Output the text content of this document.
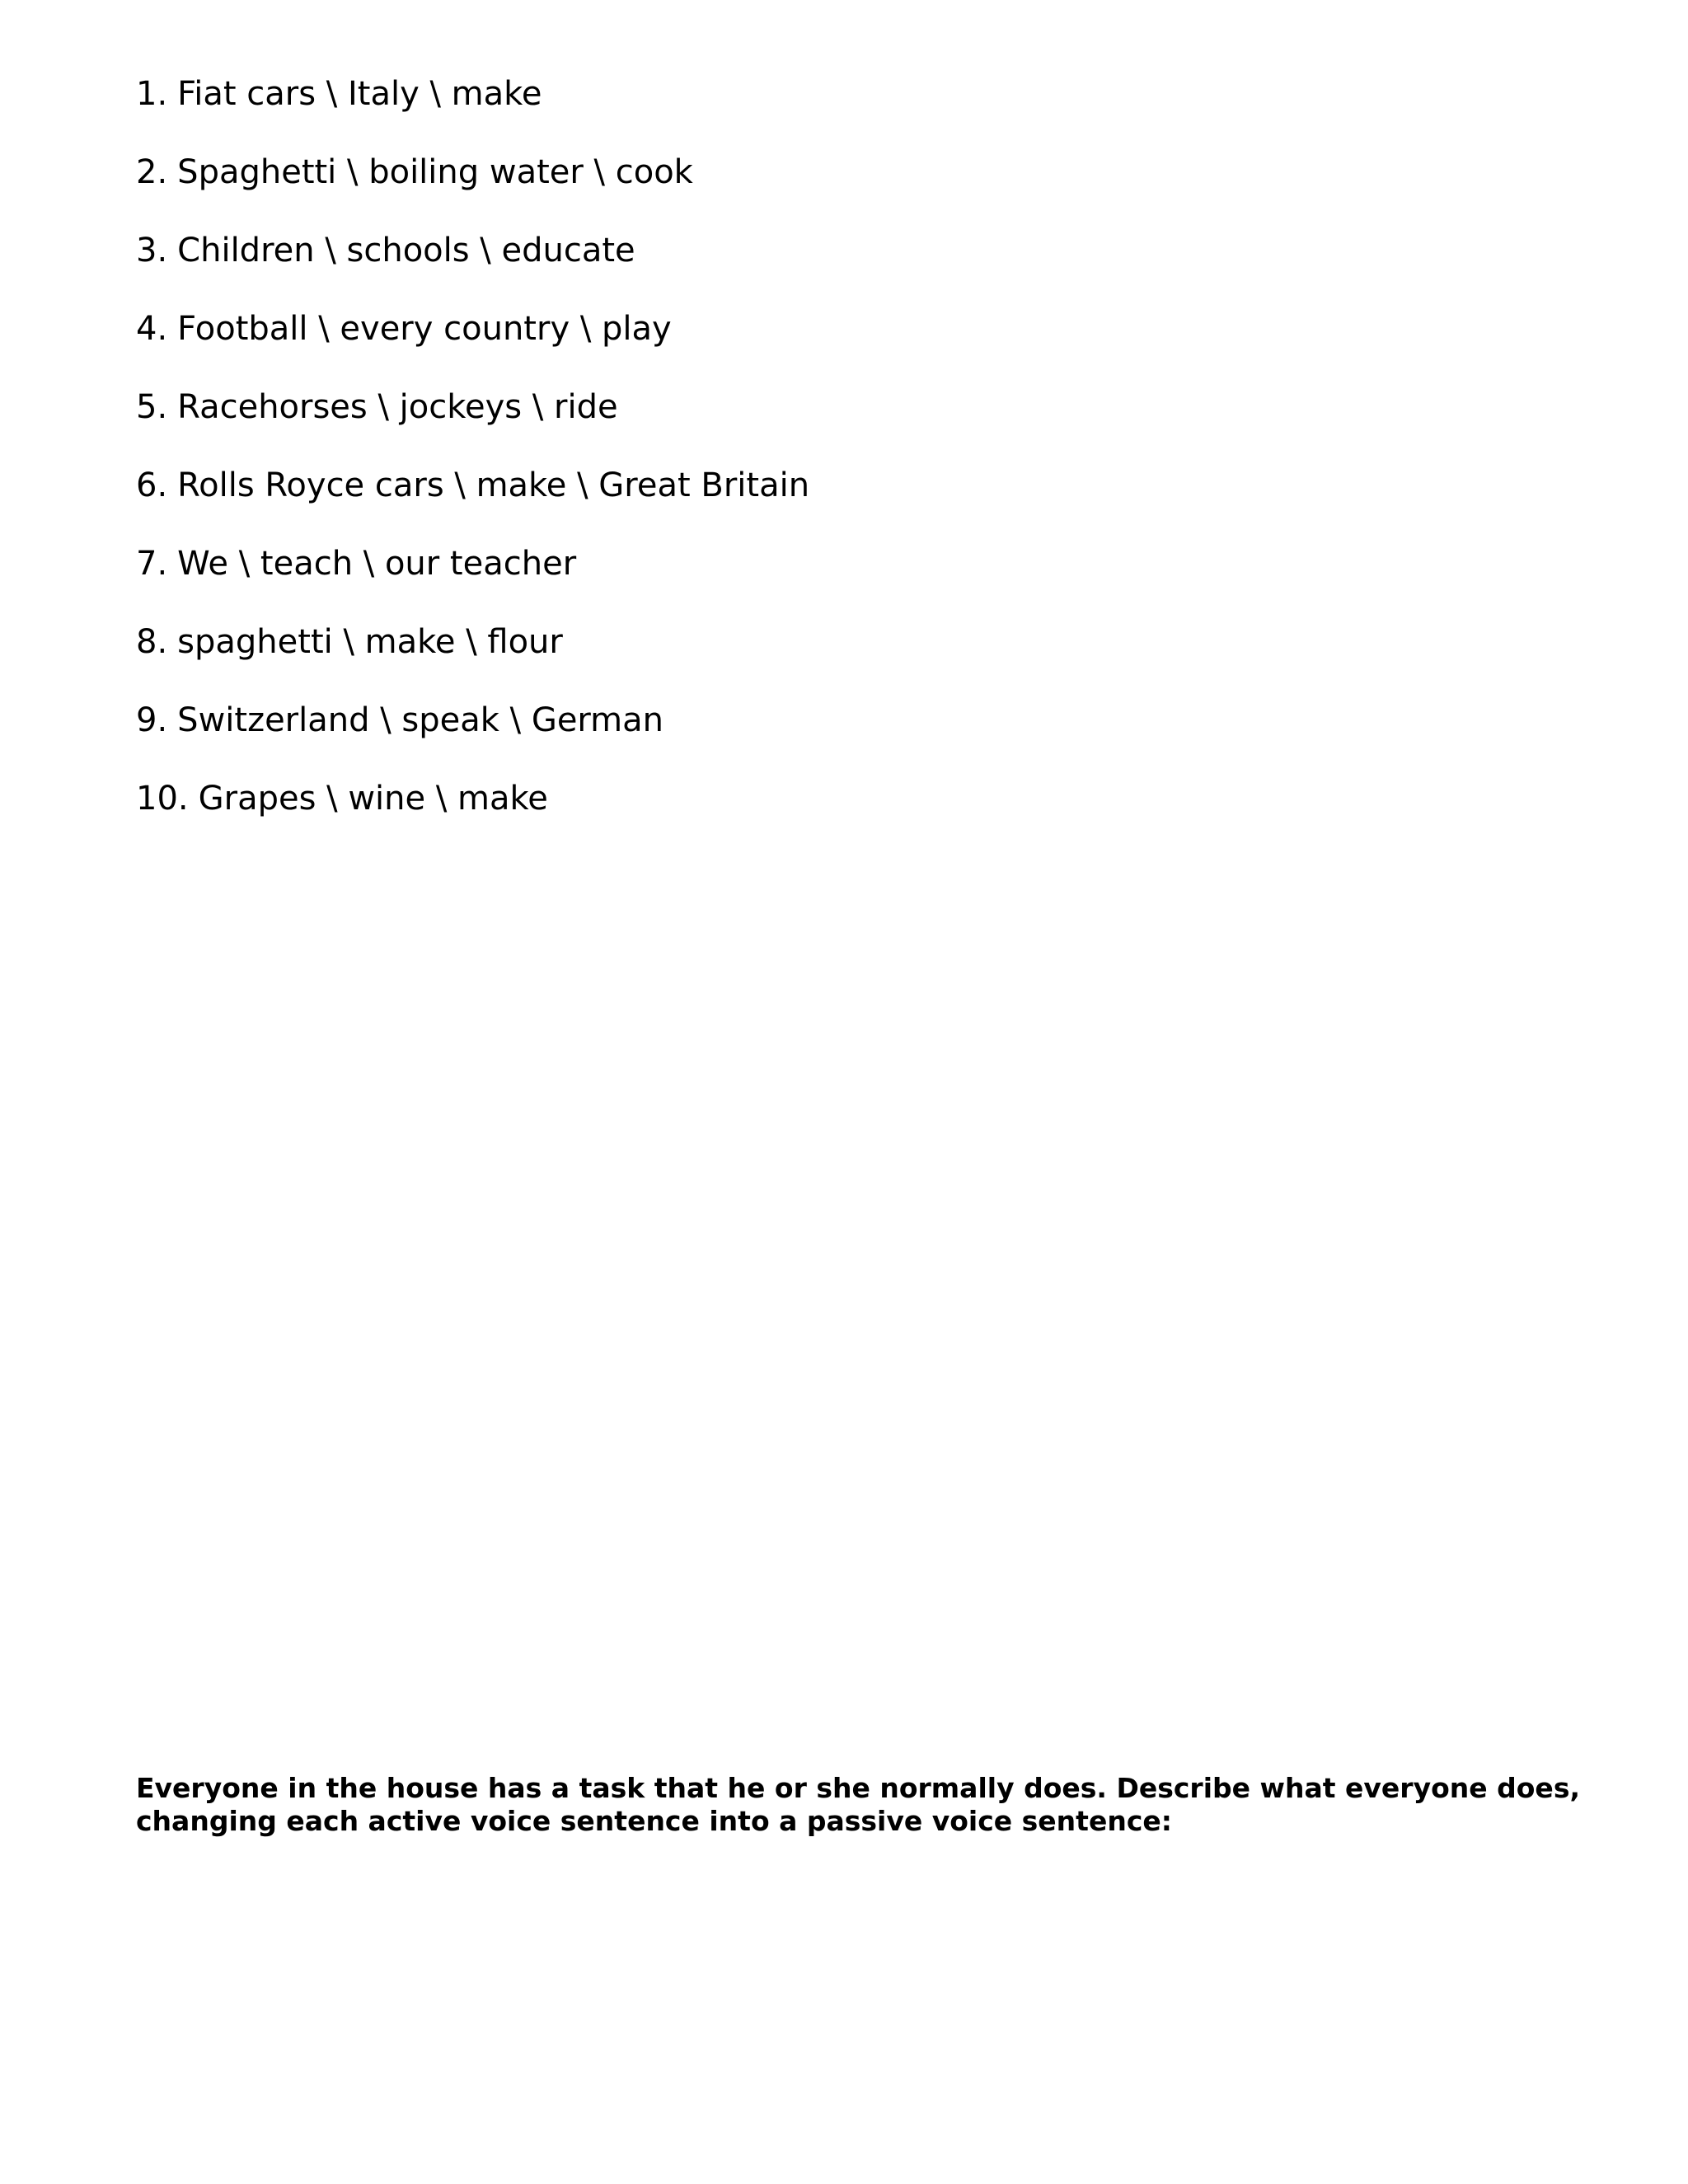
1. Fiat cars \ Italy \ make
2. Spaghetti \ boiling water \ cook
3. Children \ schools \ educate
4. Football \ every country \ play
5. Racehorses \ jockeys \ ride
6. Rolls Royce cars \ make \ Great Britain
7. We \ teach \ our teacher
8. spaghetti \ make \ flour
9. Switzerland \ speak \ German
10. Grapes \ wine \ make

Everyone in the house has a task that he or she normally does. Describe what everyone does, changing each active voice sentence into a passive voice sentence:
